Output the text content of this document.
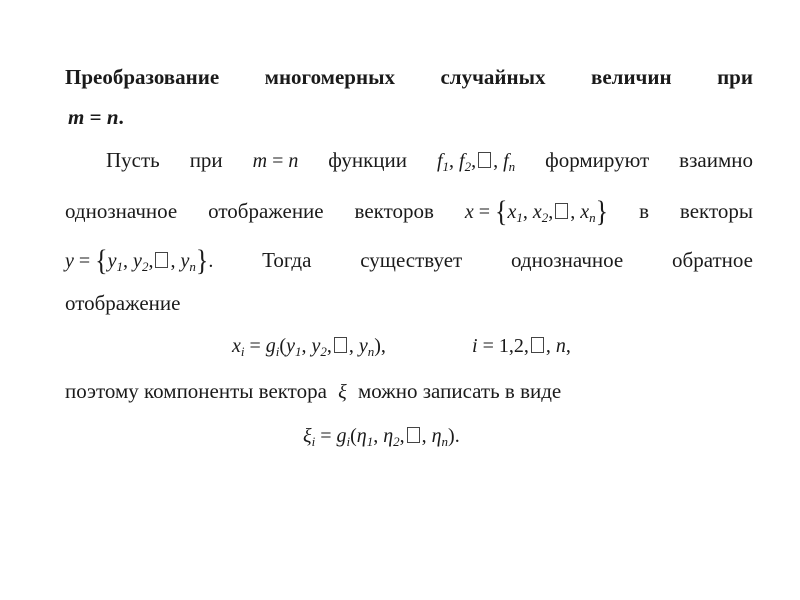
Преобразование многомерных случайных величин при
m = n.
Пусть при m = n функции $f_1$, $f_2$, , $f_n$ формируют взаимно
однозначное отображение векторов $x = \{x_1$, $x_2$, , $x_n$} в векторы
$y = \{y_1$, $y_2$, , $y_n$}. Тогда существует однозначное обратное
отображение
$x_i = g_i(y_1$, $y_2$, , $y_n$),	i = 1,2, , n,
поэтому компоненты вектора ξ можно записать в виде
$\xi_i = g_i(\eta_1$, $\eta_2$, , $\eta_n$).
